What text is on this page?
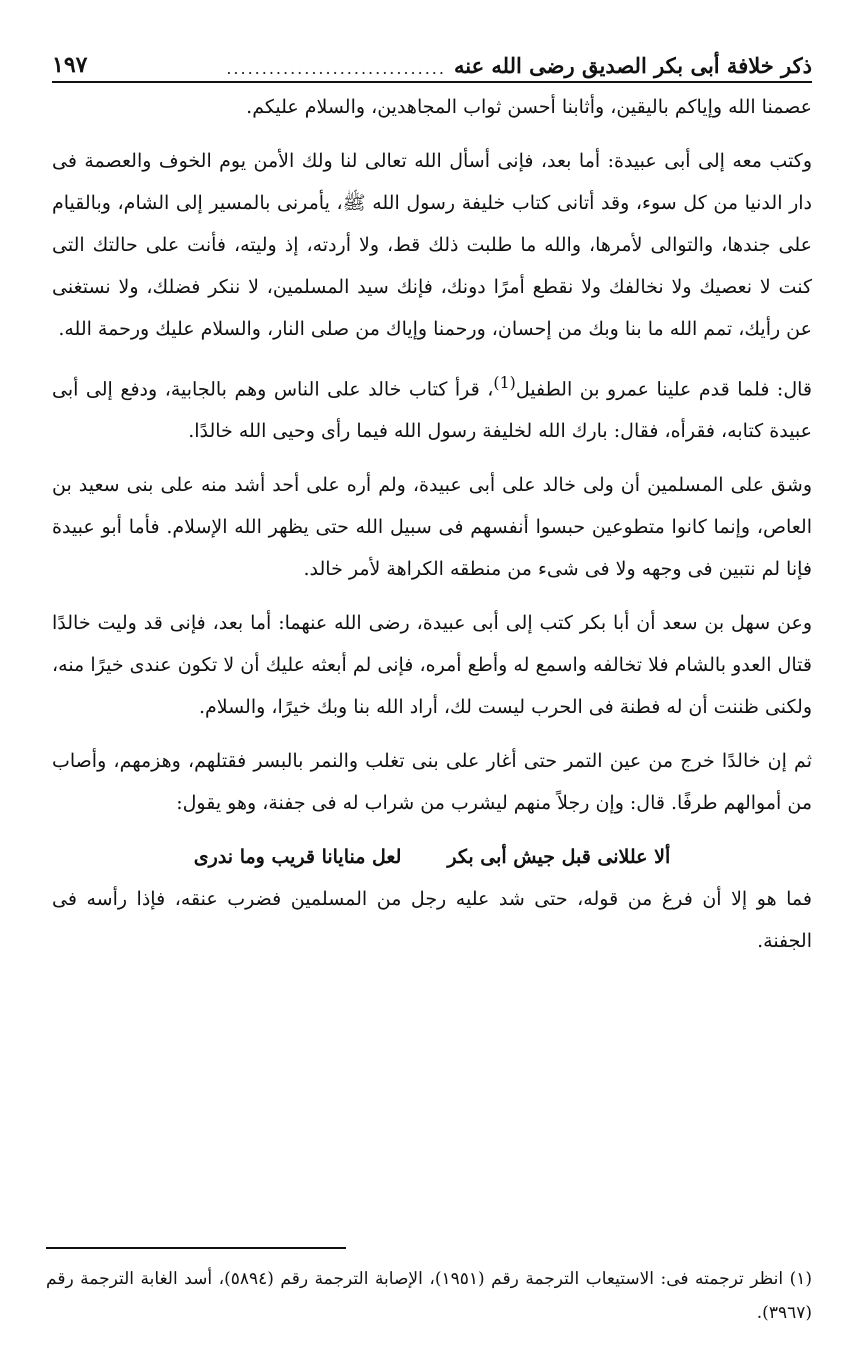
ذكر خلافة أبى بكر الصديق رضى الله عنه
...............................
١٩٧

عصمنا الله وإياكم باليقين، وأثابنا أحسن ثواب المجاهدين، والسلام عليكم.

وكتب معه إلى أبى عبيدة: أما بعد، فإنى أسأل الله تعالى لنا ولك الأمن يوم الخوف والعصمة فى دار الدنيا من كل سوء، وقد أتانى كتاب خليفة رسول الله ﷺ، يأمرنى بالمسير إلى الشام، وبالقيام على جندها، والتوالى لأمرها، والله ما طلبت ذلك قط، ولا أردته، إذ وليته، فأنت على حالتك التى كنت لا نعصيك ولا نخالفك ولا نقطع أمرًا دونك، فإنك سيد المسلمين، لا ننكر فضلك، ولا نستغنى عن رأيك، تمم الله ما بنا وبك من إحسان، ورحمنا وإياك من صلى النار، والسلام عليك ورحمة الله.

قال: فلما قدم علينا عمرو بن الطفيل$^{(1)}$، قرأ كتاب خالد على الناس وهم بالجابية، ودفع إلى أبى عبيدة كتابه، فقرأه، فقال: بارك الله لخليفة رسول الله فيما رأى وحيى الله خالدًا.

وشق على المسلمين أن ولى خالد على أبى عبيدة، ولم أره على أحد أشد منه على بنى سعيد بن العاص، وإنما كانوا متطوعين حبسوا أنفسهم فى سبيل الله حتى يظهر الله الإسلام. فأما أبو عبيدة فإنا لم نتبين فى وجهه ولا فى شىء من منطقه الكراهة لأمر خالد.

وعن سهل بن سعد أن أبا بكر كتب إلى أبى عبيدة، رضى الله عنهما: أما بعد، فإنى قد وليت خالدًا قتال العدو بالشام فلا تخالفه واسمع له وأطع أمره، فإنى لم أبعثه عليك أن لا تكون عندى خيرًا منه، ولكنى ظننت أن له فطنة فى الحرب ليست لك، أراد الله بنا وبك خيرًا، والسلام.

ثم إن خالدًا خرج من عين التمر حتى أغار على بنى تغلب والنمر بالبسر فقتلهم، وهزمهم، وأصاب من أموالهم طرفًا. قال: وإن رجلاً منهم ليشرب من شراب له فى جفنة، وهو يقول:

ألا عللانى قبل جيش أبى بكر
لعل منايانا قريب وما ندرى

فما هو إلا أن فرغ من قوله، حتى شد عليه رجل من المسلمين فضرب عنقه، فإذا رأسه فى الجفنة.

(١) انظر ترجمته فى: الاستيعاب الترجمة رقم (١٩٥١)، الإصابة الترجمة رقم (٥٨٩٤)، أسد الغابة الترجمة رقم (٣٩٦٧).
